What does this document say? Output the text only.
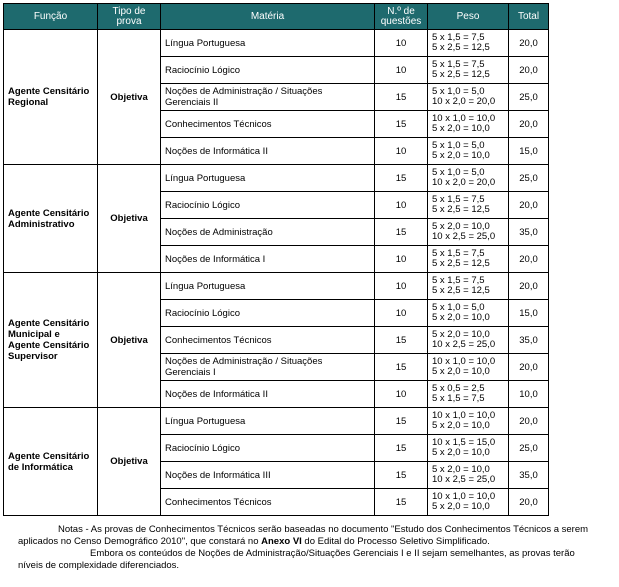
Função	Tipo de prova	Matéria	N.º de
questões	Peso	Total
Agente Censitário Regional	Objetiva	Língua Portuguesa	10	5 x 1,5 = 7,5
5 x 2,5 = 12,5	20,0
		Raciocínio Lógico	10	5 x 1,5 = 7,5
5 x 2,5 = 12,5	20,0
		Noções de Administração / Situações Gerenciais II	15	5 x 1,0 = 5,0
10 x 2,0 = 20,0	25,0
		Conhecimentos Técnicos	15	10 x 1,0 = 10,0
5 x 2,0 = 10,0	20,0
		Noções de Informática II	10	5 x 1,0 = 5,0
5 x 2,0 = 10,0	15,0
Agente Censitário Administrativo	Objetiva	Língua Portuguesa	15	5 x 1,0 = 5,0
10 x 2,0 = 20,0	25,0
		Raciocínio Lógico	10	5 x 1,5 = 7,5
5 x 2,5 = 12,5	20,0
		Noções de Administração	15	5 x 2,0 = 10,0
10 x 2,5 = 25,0	35,0
		Noções de Informática I	10	5 x 1,5 = 7,5
5 x 2,5 = 12,5	20,0
Agente Censitário Municipal e Agente Censitário Supervisor	Objetiva	Língua Portuguesa	10	5 x 1,5 = 7,5
5 x 2,5 = 12,5	20,0
		Raciocínio Lógico	10	5 x 1,0 = 5,0
5 x 2,0 = 10,0	15,0
		Conhecimentos Técnicos	15	5 x 2,0 = 10,0
10 x 2,5 = 25,0	35,0
		Noções de Administração / Situações Gerenciais I	15	10 x 1,0 = 10,0
5 x 2,0 = 10,0	20,0
		Noções de Informática II	10	5 x 0,5 = 2,5
5 x 1,5 = 7,5	10,0
Agente Censitário de Informática	Objetiva	Língua Portuguesa	15	10 x 1,0 = 10,0
5 x 2,0 = 10,0	20,0
		Raciocínio Lógico	15	10 x 1,5 = 15,0
5 x 2,0 = 10,0	25,0
		Noções de Informática III	15	5 x 2,0 = 10,0
10 x 2,5 = 25,0	35,0
		Conhecimentos Técnicos	15	10 x 1,0 = 10,0
5 x 2,0 = 10,0	20,0

Notas - As provas de Conhecimentos Técnicos serão baseadas no documento "Estudo dos Conhecimentos Técnicos a serem

aplicados no Censo Demográfico 2010", que constará no Anexo VI do Edital do Processo Seletivo Simplificado.

Embora os conteúdos de Noções de Administração/Situações Gerenciais I e II sejam semelhantes, as provas terão

níveis de complexidade diferenciados.
